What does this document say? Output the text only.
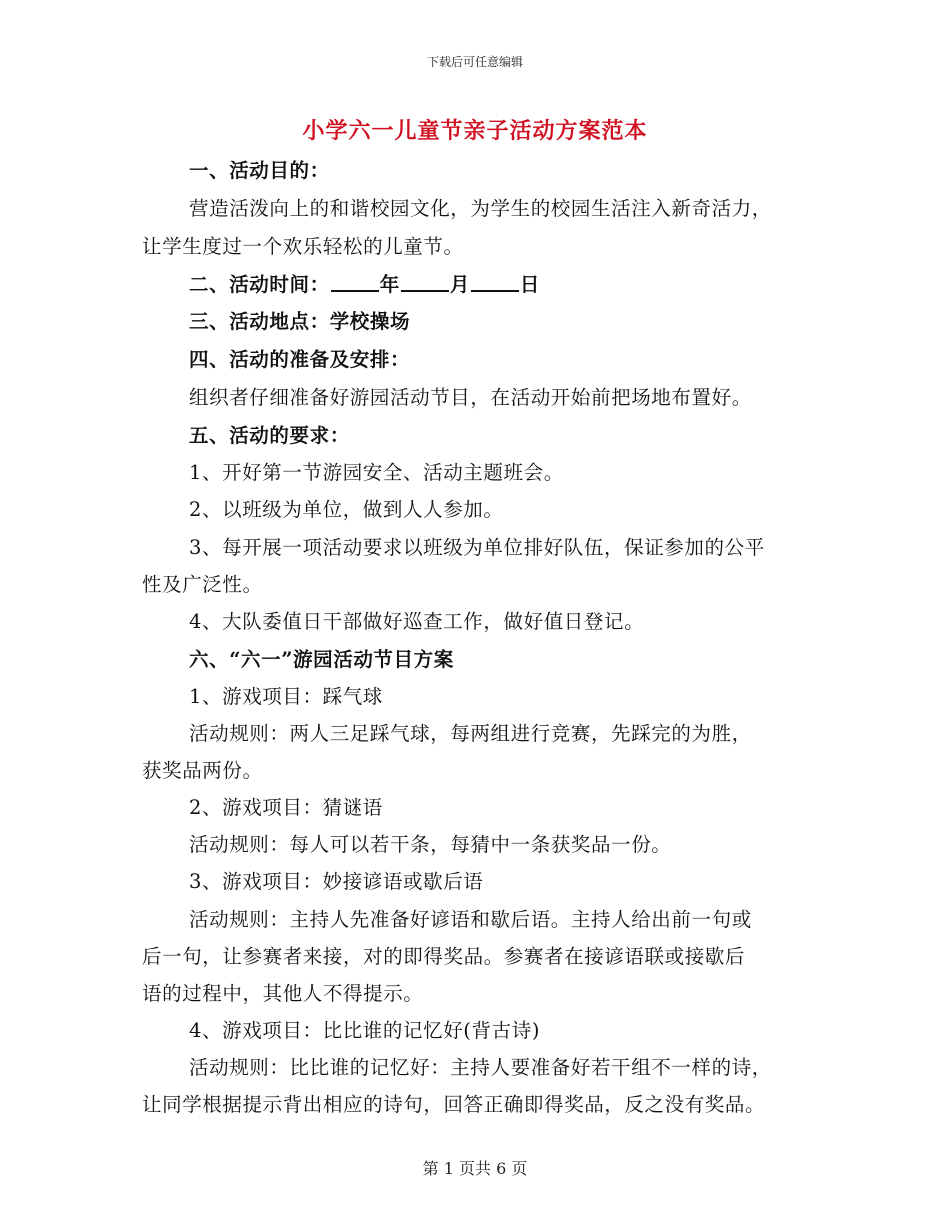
下载后可任意编辑
小学六一儿童节亲子活动方案范本
一、活动目的：
营造活泼向上的和谐校园文化，为学生的校园生活注入新奇活力，
让学生度过一个欢乐轻松的儿童节。
二、活动时间：	年	月	日
三、活动地点：学校操场
四、活动的准备及安排：
组织者仔细准备好游园活动节目，在活动开始前把场地布置好。
五、活动的要求：
1、开好第一节游园安全、活动主题班会。
2、以班级为单位，做到人人参加。
3、每开展一项活动要求以班级为单位排好队伍，保证参加的公平
性及广泛性。
4、大队委值日干部做好巡查工作，做好值日登记。
六、“六一”游园活动节目方案
1、游戏项目：踩气球
活动规则：两人三足踩气球，每两组进行竞赛，先踩完的为胜，
获奖品两份。
2、游戏项目：猜谜语
活动规则：每人可以若干条，每猜中一条获奖品一份。
3、游戏项目：妙接谚语或歇后语
活动规则：主持人先准备好谚语和歇后语。主持人给出前一句或
后一句，让参赛者来接，对的即得奖品。参赛者在接谚语联或接歇后
语的过程中，其他人不得提示。
4、游戏项目：比比谁的记忆好(背古诗)
活动规则：比比谁的记忆好：主持人要准备好若干组不一样的诗，
让同学根据提示背出相应的诗句，回答正确即得奖品，反之没有奖品。
第 1 页共 6 页
